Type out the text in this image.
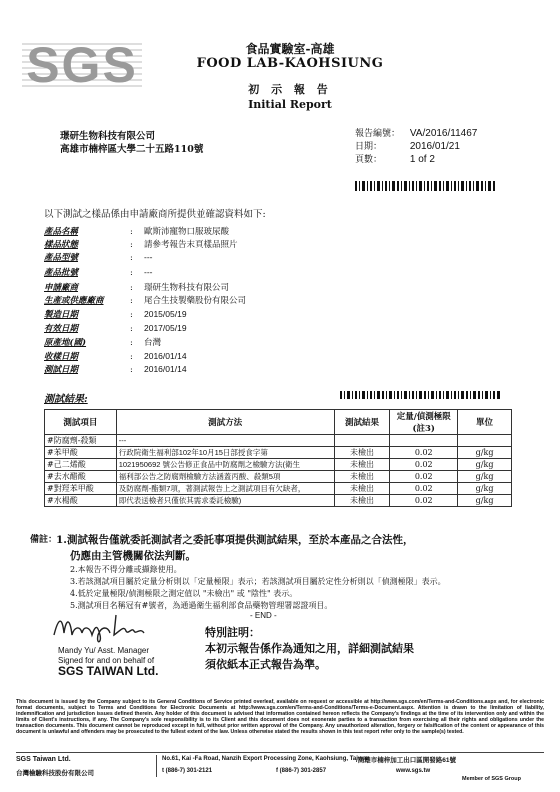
SGS	食品實驗室-高雄
FOOD LAB-KAOHSIUNG
初 示 報 告
Initial Report
璟研生物科技有限公司
高雄市楠梓區大學二十五路110號
報告編號： VA/2016/11467
日期：	2016/01/21
頁數：	1 of 2
以下測試之樣品係由申請廠商所提供並確認資料如下:
產品名稱	: 歐斯沛寵物口服玻尿酸
樣品狀態	: 請參考報告末頁樣品照片
產品型號	: ---
產品批號	: ---
申請廠商	: 璟研生物科技有限公司
生產或供應廠商	: 尾合生技製藥股份有限公司
製造日期	: 2015/05/19
有效日期	: 2017/05/19
原產地(國)	: 台灣
收樣日期	: 2016/01/14
測試日期	: 2016/01/14
測試結果:
測試項目	測試方法	測試結果	定量/偵測極限(註3)	單位
#防腐劑-殺類	---			
#苯甲酸	行政院衛生福利部102年10月15日部授食字第	未檢出	0.02	g/kg
#己二烯酸	1021950692 號公告修正食品中防腐劑之檢驗方法(衛生	未檢出	0.02	g/kg
#去水醋酸	福利部公告之防腐劑檢驗方法涵蓋丙酸、殺類5項	未檢出	0.02	g/kg
#對羥苯甲酸	及防腐劑-酯類7項，著測試報告上之測試項目有欠缺者，	未檢出	0.02	g/kg
#水楊酸	即代表送檢者只僅依其需求委託檢驗)	未檢出	0.02	g/kg
備註：
1.測試報告僅就委託測試者之委託事項提供測試結果，至於本產品之合法性，
仍應由主管機關依法判斷。
2.本報告不得分離或擷錄使用。
3.若該測試項目屬於定量分析則以「定量極限」表示；若該測試項目屬於定性分析則以「偵測極限」表示。
4.低於定量極限/偵測極限之測定值以 "未檢出" 或 "陰性" 表示。
5.測試項目名稱冠有#號者，為通過衛生福利部食品藥物管理署認證項目。
- END -
Mandy Yu/ Asst. Manager
Signed for and on behalf of
SGS TAIWAN Ltd.
特別註明：
本初示報告係作為通知之用，詳細測試結果
須依紙本正式報告為準。
This document is issued by the Company subject to its General Conditions of Service printed overleaf, available on request or accessible at http://www.sgs.com/en/Terms-and-Conditions.aspx and, for electronic format documents, subject to Terms and Conditions for Electronic Documents at http://www.sgs.com/en/Terms-and-Conditions/Terms-e-Document.aspx. Attention is drawn to the limitation of liability, indemnification and jurisdiction issues defined therein. Any holder of this document is advised that information contained hereon reflects the Company's findings at the time of its intervention only and within the limits of Client's instructions, if any. The Company's sole responsibility is to its Client and this document does not exonerate parties to a transaction from exercising all their rights and obligations under the transaction documents. This document cannot be reproduced except in full, without prior written approval of the Company. Any unauthorized alteration, forgery or falsification of the content or appearance of this document is unlawful and offenders may be prosecuted to the fullest extent of the law. Unless otherwise stated the results shown in this test report refer only to the sample(s) tested.
SGS Taiwan Ltd.
台灣檢驗科技股份有限公司
No.61, Kai -Fa Road, Nanzih Export Processing Zone, Kaohsiung, Taiwan
/高雄市楠梓加工出口區開發路61號
t (886-7) 301-2121	f (886-7) 301-2857	www.sgs.tw
Member of SGS Group
